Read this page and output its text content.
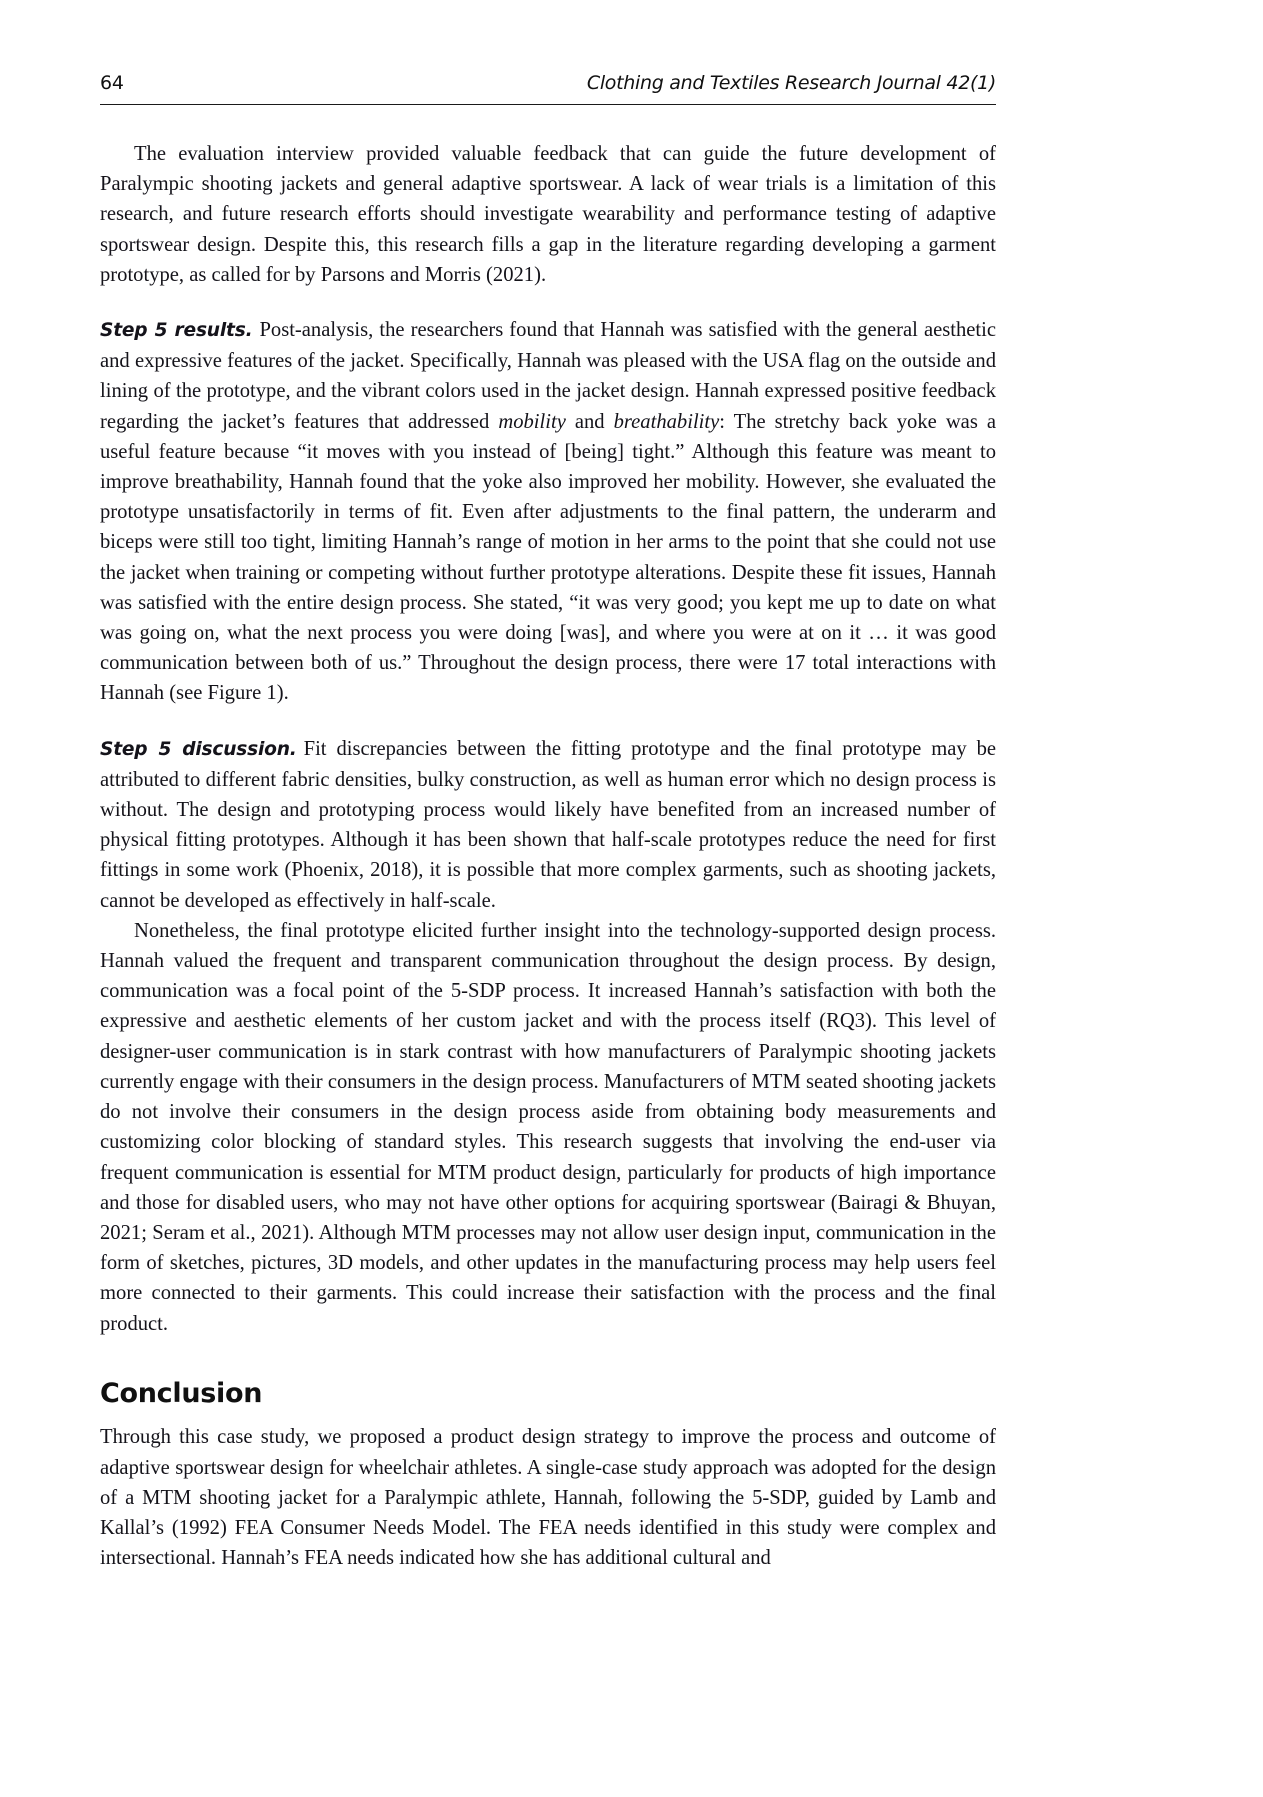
64	Clothing and Textiles Research Journal 42(1)

The evaluation interview provided valuable feedback that can guide the future development of Paralympic shooting jackets and general adaptive sportswear. A lack of wear trials is a limitation of this research, and future research efforts should investigate wearability and performance testing of adaptive sportswear design. Despite this, this research fills a gap in the literature regarding developing a garment prototype, as called for by Parsons and Morris (2021).

Step 5 results. Post-analysis, the researchers found that Hannah was satisfied with the general aesthetic and expressive features of the jacket. Specifically, Hannah was pleased with the USA flag on the outside and lining of the prototype, and the vibrant colors used in the jacket design. Hannah expressed positive feedback regarding the jacket’s features that addressed mobility and breathability: The stretchy back yoke was a useful feature because “it moves with you instead of [being] tight.” Although this feature was meant to improve breathability, Hannah found that the yoke also improved her mobility. However, she evaluated the prototype unsatisfactorily in terms of fit. Even after adjustments to the final pattern, the underarm and biceps were still too tight, limiting Hannah’s range of motion in her arms to the point that she could not use the jacket when training or competing without further prototype alterations. Despite these fit issues, Hannah was satisfied with the entire design process. She stated, “it was very good; you kept me up to date on what was going on, what the next process you were doing [was], and where you were at on it … it was good communication between both of us.” Throughout the design process, there were 17 total interactions with Hannah (see Figure 1).

Step 5 discussion. Fit discrepancies between the fitting prototype and the final prototype may be attributed to different fabric densities, bulky construction, as well as human error which no design process is without. The design and prototyping process would likely have benefited from an increased number of physical fitting prototypes. Although it has been shown that half-scale prototypes reduce the need for first fittings in some work (Phoenix, 2018), it is possible that more complex garments, such as shooting jackets, cannot be developed as effectively in half-scale.

Nonetheless, the final prototype elicited further insight into the technology-supported design process. Hannah valued the frequent and transparent communication throughout the design process. By design, communication was a focal point of the 5-SDP process. It increased Hannah’s satisfaction with both the expressive and aesthetic elements of her custom jacket and with the process itself (RQ3). This level of designer-user communication is in stark contrast with how manufacturers of Paralympic shooting jackets currently engage with their consumers in the design process. Manufacturers of MTM seated shooting jackets do not involve their consumers in the design process aside from obtaining body measurements and customizing color blocking of standard styles. This research suggests that involving the end-user via frequent communication is essential for MTM product design, particularly for products of high importance and those for disabled users, who may not have other options for acquiring sportswear (Bairagi & Bhuyan, 2021; Seram et al., 2021). Although MTM processes may not allow user design input, communication in the form of sketches, pictures, 3D models, and other updates in the manufacturing process may help users feel more connected to their garments. This could increase their satisfaction with the process and the final product.

Conclusion

Through this case study, we proposed a product design strategy to improve the process and outcome of adaptive sportswear design for wheelchair athletes. A single-case study approach was adopted for the design of a MTM shooting jacket for a Paralympic athlete, Hannah, following the 5-SDP, guided by Lamb and Kallal’s (1992) FEA Consumer Needs Model. The FEA needs identified in this study were complex and intersectional. Hannah’s FEA needs indicated how she has additional cultural and
